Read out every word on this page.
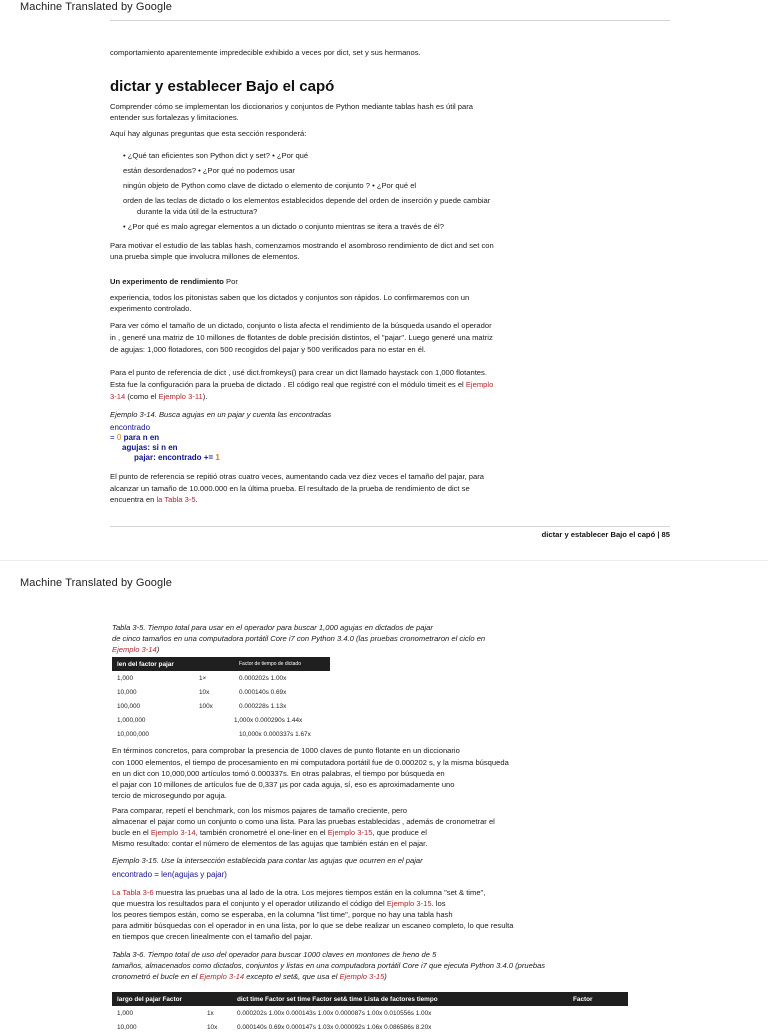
Machine Translated by Google
comportamiento aparentemente impredecible exhibido a veces por dict, set y sus hermanos.
dictar y establecer Bajo el capó
Comprender cómo se implementan los diccionarios y conjuntos de Python mediante tablas hash es útil para
entender sus fortalezas y limitaciones.
Aquí hay algunas preguntas que esta sección responderá:
• ¿Qué tan eficientes son Python dict y set? • ¿Por qué
están desordenados? • ¿Por qué no podemos usar
ningún objeto de Python como clave de dictado o elemento de conjunto ? • ¿Por qué el
orden de las teclas de dictado o los elementos establecidos depende del orden de inserción y puede cambiar
durante la vida útil de la estructura?
• ¿Por qué es malo agregar elementos a un dictado o conjunto mientras se itera a través de él?
Para motivar el estudio de las tablas hash, comenzamos mostrando el asombroso rendimiento de dict and set con
una prueba simple que involucra millones de elementos.
Un experimento de rendimiento Por
experiencia, todos los pitonistas saben que los dictados y conjuntos son rápidos. Lo confirmaremos con un
experimento controlado.
Para ver cómo el tamaño de un dictado, conjunto o lista afecta el rendimiento de la búsqueda usando el operador
in , generé una matriz de 10 millones de flotantes de doble precisión distintos, el "pajar". Luego generé una matriz
de agujas: 1,000 flotadores, con 500 recogidos del pajar y 500 verificados para no estar en él.
Para el punto de referencia de dict , usé dict.fromkeys() para crear un dict llamado haystack con 1,000 flotantes.
Esta fue la configuración para la prueba de dictado . El código real que registré con el módulo timeit es el Ejemplo
3-14 (como el Ejemplo 3-11).
Ejemplo 3-14. Busca agujas en un pajar y cuenta las encontradas
encontrado
= 0 para n en
agujas: si n en
pajar: encontrado += 1
El punto de referencia se repitió otras cuatro veces, aumentando cada vez diez veces el tamaño del pajar, para
alcanzar un tamaño de 10.000.000 en la última prueba. El resultado de la prueba de rendimiento de dict se
encuentra en la Tabla 3-5.
dictar y establecer Bajo el capó | 85
Machine Translated by Google
Tabla 3-5. Tiempo total para usar en el operador para buscar 1,000 agujas en dictados de pajar
de cinco tamaños en una computadora portátil Core i7 con Python 3.4.0 (las pruebas cronometraron el ciclo en
Ejemplo 3-14)
len del factor pajar		Factor de tiempo de dictado
1,000	1×	0.000202s 1.00x
10,000	10x	0.000140s 0.69x
100,000	100x	0.000228s 1.13x
1,000,000		1,000x 0.000290s 1.44x
10,000,000		10,000x 0.000337s 1.67x
En términos concretos, para comprobar la presencia de 1000 claves de punto flotante en un diccionario
con 1000 elementos, el tiempo de procesamiento en mi computadora portátil fue de 0.000202 s, y la misma búsqueda
en un dict con 10,000,000 artículos tomó 0.000337s. En otras palabras, el tiempo por búsqueda en
el pajar con 10 millones de artículos fue de 0,337 µs por cada aguja, sí, eso es aproximadamente uno
tercio de microsegundo por aguja.
Para comparar, repetí el benchmark, con los mismos pajares de tamaño creciente, pero
almacenar el pajar como un conjunto o como una lista. Para las pruebas establecidas , además de cronometrar el
bucle en el Ejemplo 3-14, también cronometré el one-liner en el Ejemplo 3-15, que produce el
Mismo resultado: contar el número de elementos de las agujas que también están en el pajar.
Ejemplo 3-15. Use la intersección establecida para contar las agujas que ocurren en el pajar
encontrado = len(agujas y pajar)
La Tabla 3-6 muestra las pruebas una al lado de la otra. Los mejores tiempos están en la columna "set & time",
que muestra los resultados para el conjunto y el operador utilizando el código del Ejemplo 3-15. los
los peores tiempos están, como se esperaba, en la columna "list time", porque no hay una tabla hash
para admitir búsquedas con el operador in en una lista, por lo que se debe realizar un escaneo completo, lo que resulta
en tiempos que crecen linealmente con el tamaño del pajar.
Tabla 3-6. Tiempo total de uso del operador para buscar 1000 claves en montones de heno de 5
tamaños, almacenados como dictados, conjuntos y listas en una computadora portátil Core i7 que ejecuta Python 3.4.0 (pruebas
cronometró el bucle en el Ejemplo 3-14 excepto el set&, que usa el Ejemplo 3-15)
largo del pajar Factor		dict time Factor set time Factor set& time Lista de factores tiempo	Factor
1,000	1x	0.000202s 1.00x 0.000143s 1.00x 0.000087s 1.00x 0.010556s 1.00x	
10,000	10x	0.000140s 0.69x 0.000147s 1.03x 0.000092s 1.06x 0.086586s 8.20x	
